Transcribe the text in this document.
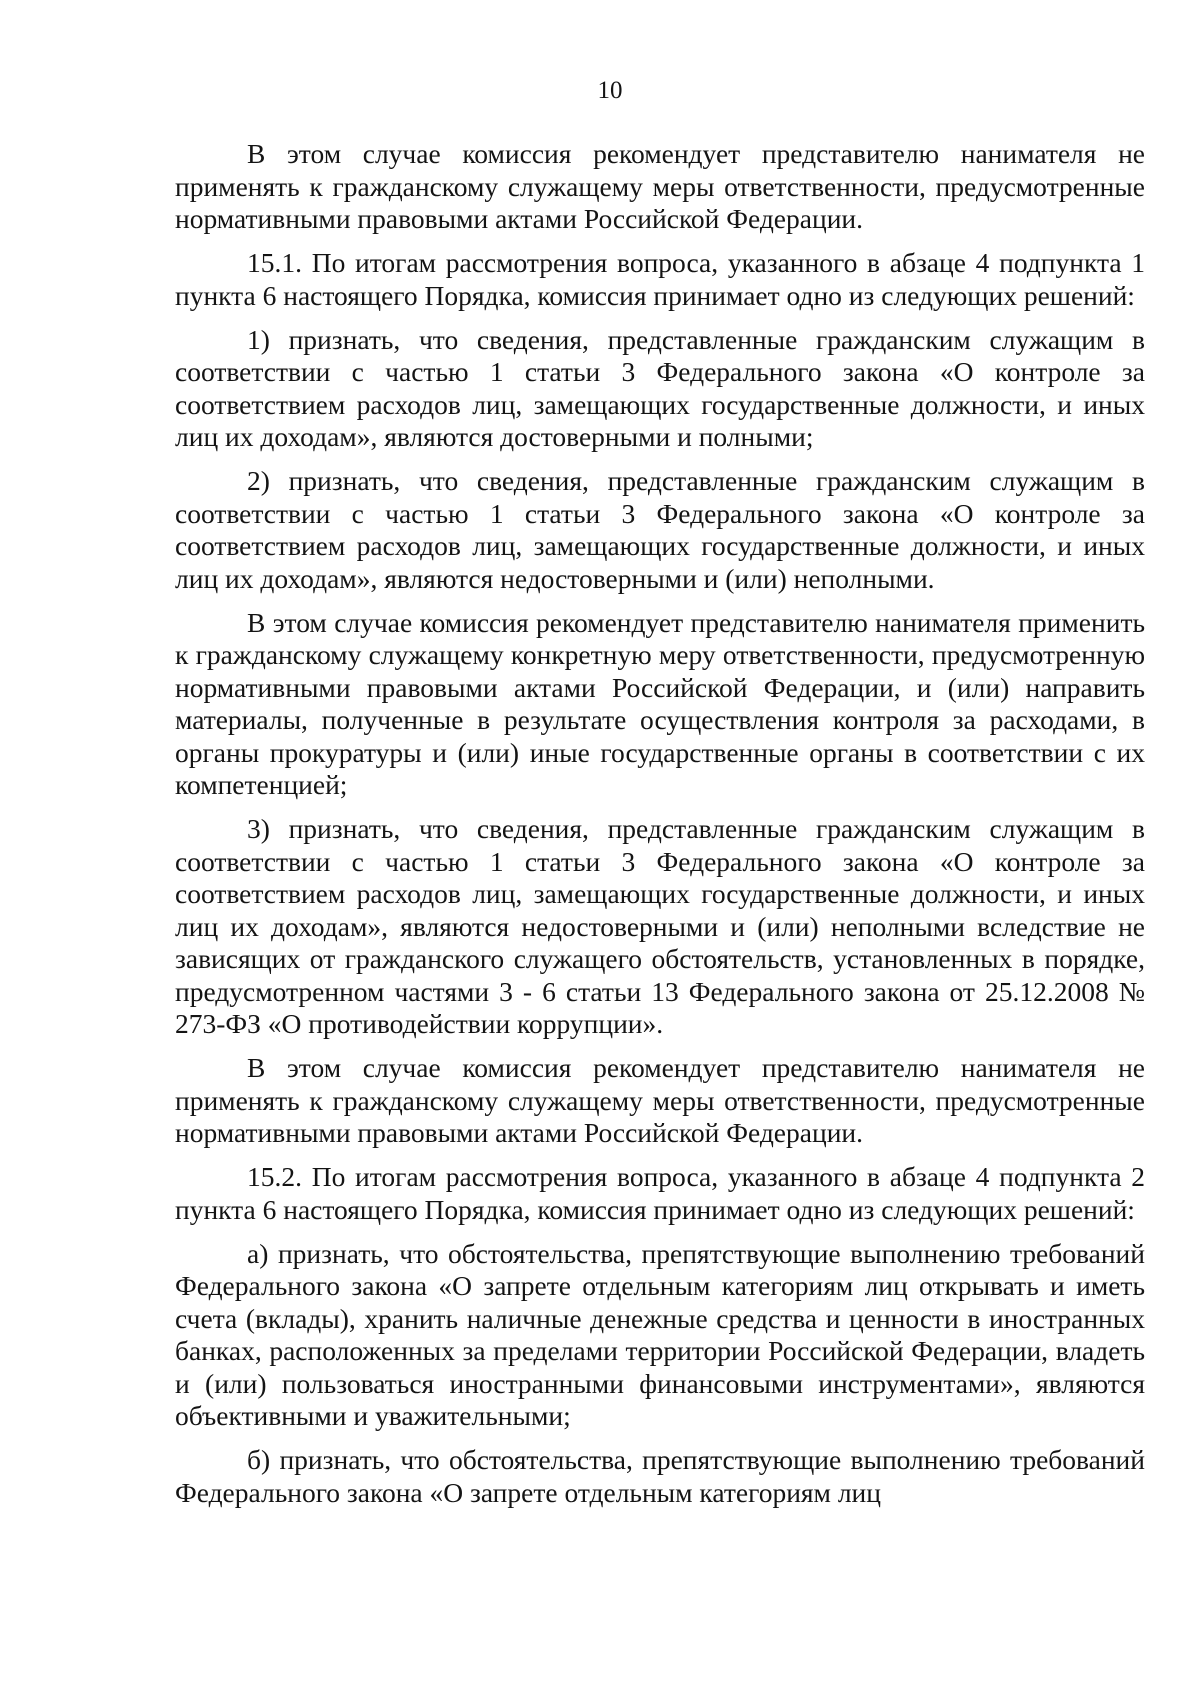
10

В этом случае комиссия рекомендует представителю нанимателя не применять к гражданскому служащему меры ответственности, предусмотренные нормативными правовыми актами Российской Федерации.

15.1. По итогам рассмотрения вопроса, указанного в абзаце 4 подпункта 1 пункта 6 настоящего Порядка, комиссия принимает одно из следующих решений:

1) признать, что сведения, представленные гражданским служащим в соответствии с частью 1 статьи 3 Федерального закона «О контроле за соответствием расходов лиц, замещающих государственные должности, и иных лиц их доходам», являются достоверными и полными;

2) признать, что сведения, представленные гражданским служащим в соответствии с частью 1 статьи 3 Федерального закона «О контроле за соответствием расходов лиц, замещающих государственные должности, и иных лиц их доходам», являются недостоверными и (или) неполными.

В этом случае комиссия рекомендует представителю нанимателя применить к гражданскому служащему конкретную меру ответственности, предусмотренную нормативными правовыми актами Российской Федерации, и (или) направить материалы, полученные в результате осуществления контроля за расходами, в органы прокуратуры и (или) иные государственные органы в соответствии с их компетенцией;

3) признать, что сведения, представленные гражданским служащим в соответствии с частью 1 статьи 3 Федерального закона «О контроле за соответствием расходов лиц, замещающих государственные должности, и иных лиц их доходам», являются недостоверными и (или) неполными вследствие не зависящих от гражданского служащего обстоятельств, установленных в порядке, предусмотренном частями 3 - 6 статьи 13 Федерального закона от 25.12.2008 № 273-ФЗ «О противодействии коррупции».

В этом случае комиссия рекомендует представителю нанимателя не применять к гражданскому служащему меры ответственности, предусмотренные нормативными правовыми актами Российской Федерации.

15.2. По итогам рассмотрения вопроса, указанного в абзаце 4 подпункта 2 пункта 6 настоящего Порядка, комиссия принимает одно из следующих решений:

а) признать, что обстоятельства, препятствующие выполнению требований Федерального закона «О запрете отдельным категориям лиц открывать и иметь счета (вклады), хранить наличные денежные средства и ценности в иностранных банках, расположенных за пределами территории Российской Федерации, владеть и (или) пользоваться иностранными финансовыми инструментами», являются объективными и уважительными;

б) признать, что обстоятельства, препятствующие выполнению требований Федерального закона «О запрете отдельным категориям лиц
